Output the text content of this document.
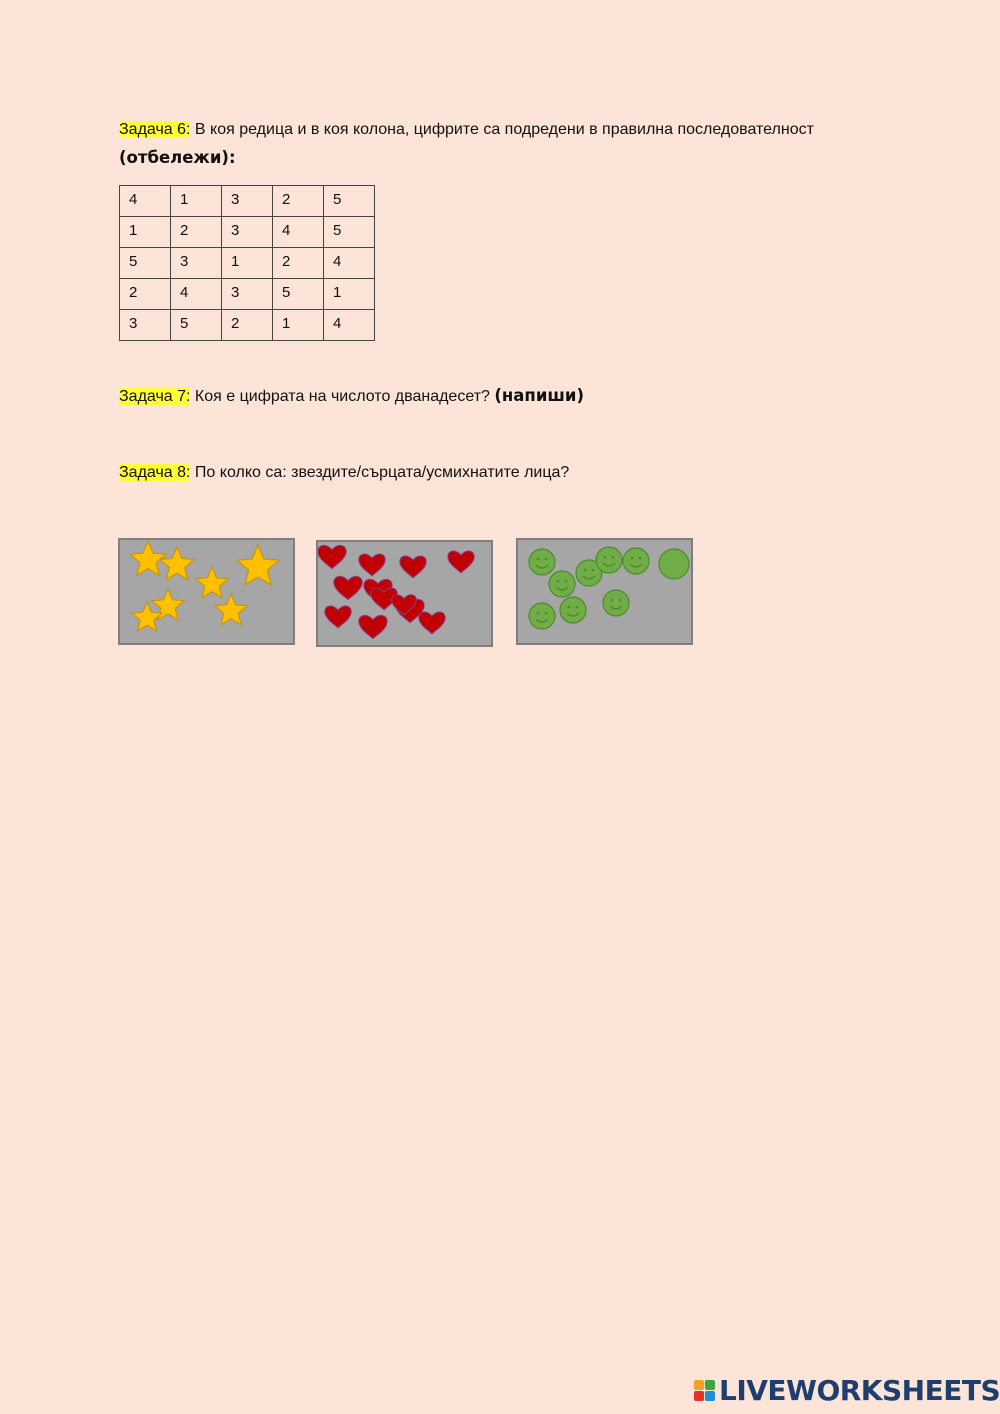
Задача 6: В коя редица и в коя колона, цифрите са подредени в правилна последователност
(отбележи):
4	1	3	2	5
1	2	3	4	5
5	3	1	2	4
2	4	3	5	1
3	5	2	1	4
Задача 7: Коя е цифрата на числото дванадесет? (напиши)
Задача 8: По колко са: звездите/сърцата/усмихнатите лица?
LIVEWORKSHEETS
